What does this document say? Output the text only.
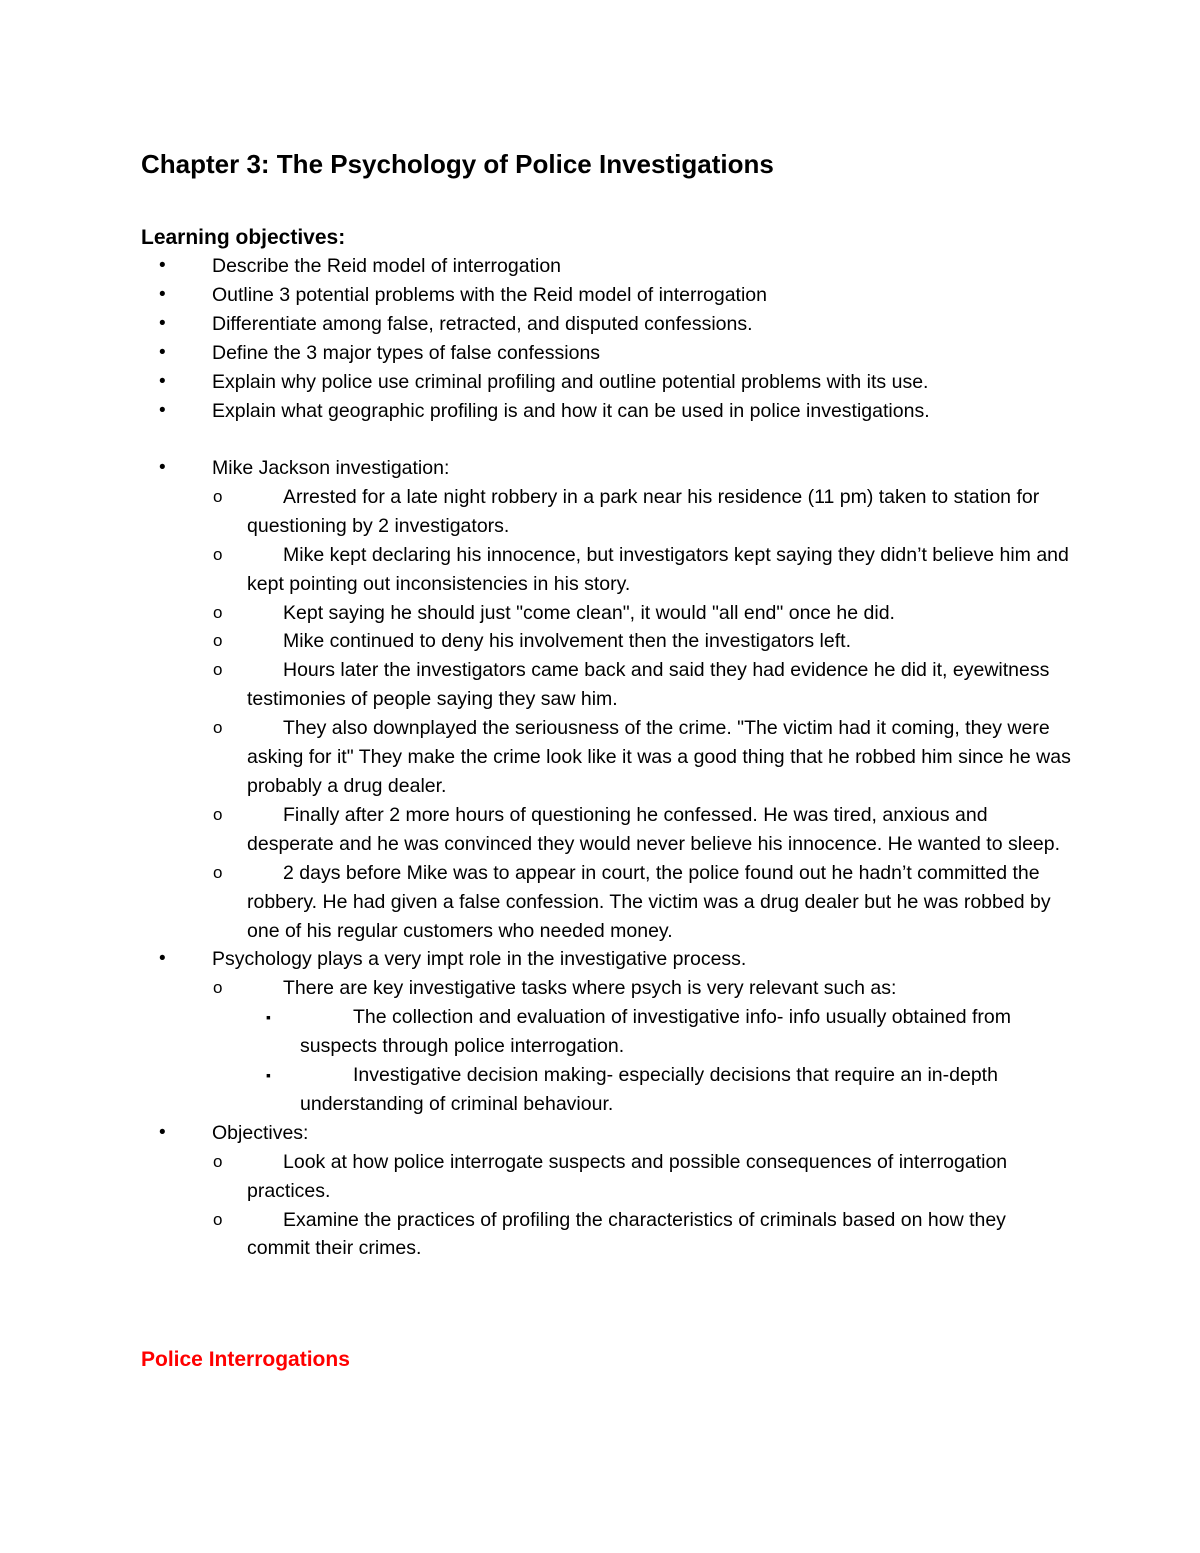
Chapter 3: The Psychology of Police Investigations
Learning objectives:
• Describe the Reid model of interrogation
• Outline 3 potential problems with the Reid model of interrogation
• Differentiate among false, retracted, and disputed confessions.
• Define the 3 major types of false confessions
• Explain why police use criminal profiling and outline potential problems with its use.
• Explain what geographic profiling is and how it can be used in police investigations.
• Mike Jackson investigation:
o	Arrested for a late night robbery in a park near his residence (11 pm) taken to station for questioning by 2 investigators.
o	Mike kept declaring his innocence, but investigators kept saying they didn’t believe him and kept pointing out inconsistencies in his story.
o	Kept saying he should just "come clean", it would "all end" once he did.
o	Mike continued to deny his involvement then the investigators left.
o	Hours later the investigators came back and said they had evidence he did it, eyewitness testimonies of people saying they saw him.
o	They also downplayed the seriousness of the crime. "The victim had it coming, they were asking for it" They make the crime look like it was a good thing that he robbed him since he was probably a drug dealer.
o	Finally after 2 more hours of questioning he confessed. He was tired, anxious and desperate and he was convinced they would never believe his innocence. He wanted to sleep.
o	2 days before Mike was to appear in court, the police found out he hadn’t committed the robbery. He had given a false confession. The victim was a drug dealer but he was robbed by one of his regular customers who needed money.
• Psychology plays a very impt role in the investigative process.
o	There are key investigative tasks where psych is very relevant such as:
▪	The collection and evaluation of investigative info- info usually obtained from suspects through police interrogation.
▪	Investigative decision making- especially decisions that require an in-depth understanding of criminal behaviour.
• Objectives:
o	Look at how police interrogate suspects and possible consequences of interrogation practices.
o	Examine the practices of profiling the characteristics of criminals based on how they commit their crimes.
Police Interrogations
